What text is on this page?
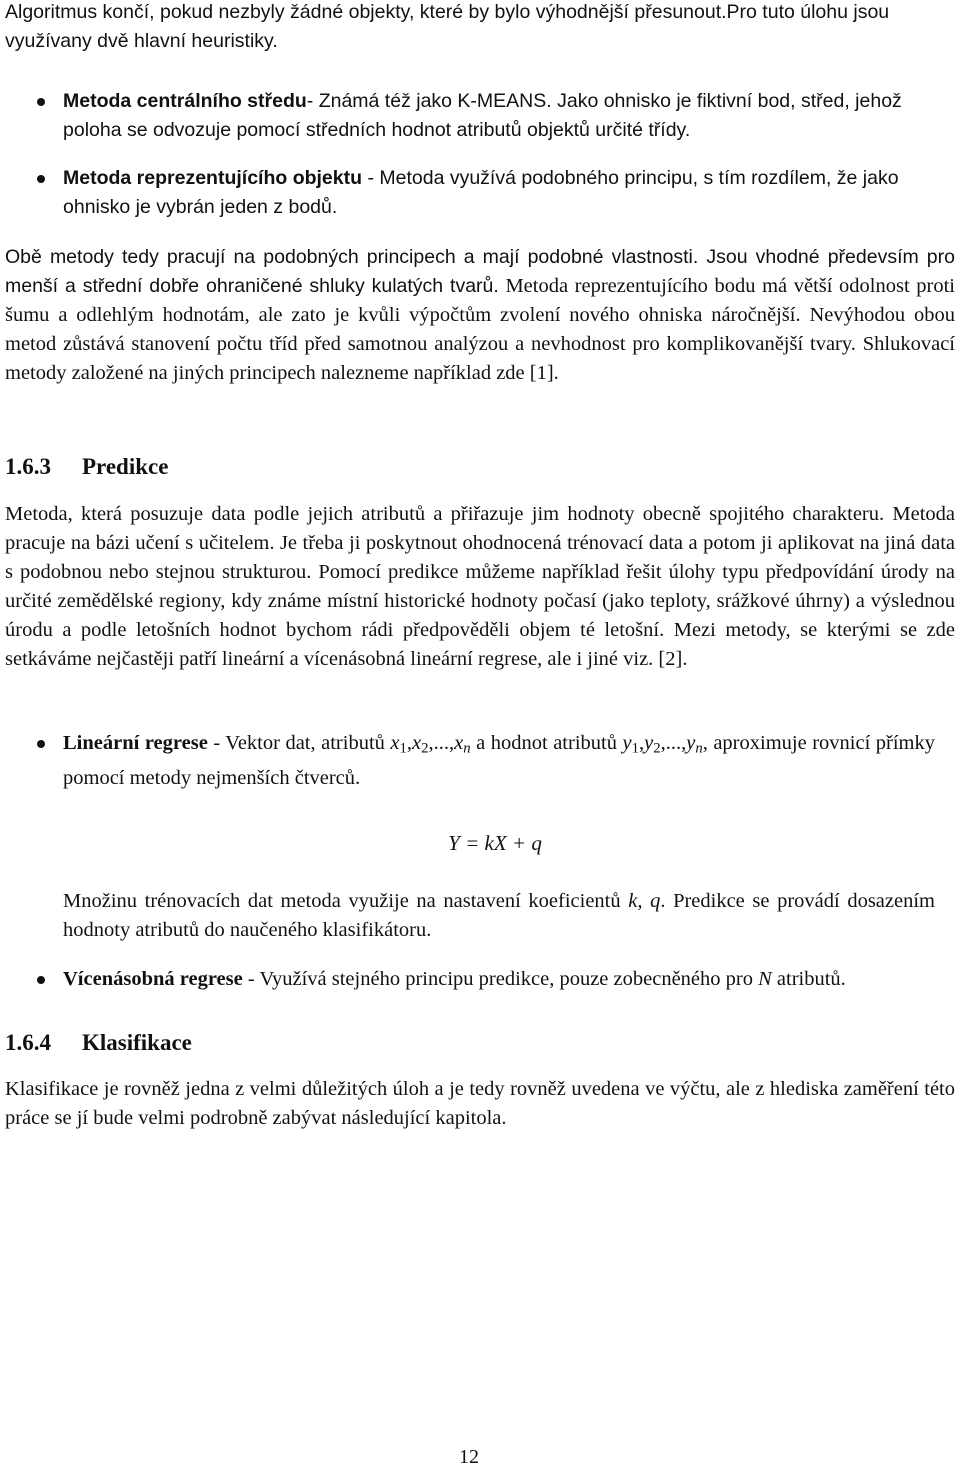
Algoritmus končí, pokud nezbyly žádné objekty, které by bylo výhodnější přesunout.Pro tuto úlohu jsou využívany dvě hlavní heuristiky.
Metoda centrálního středu- Známá též jako K-MEANS. Jako ohnisko je fiktivní bod, střed, jehož poloha se odvozuje pomocí středních hodnot atributů objektů určité třídy.
Metoda reprezentujícího objektu - Metoda využívá podobného principu, s tím rozdílem, že jako ohnisko je vybrán jeden z bodů.
Obě metody tedy pracují na podobných principech a mají podobné vlastnosti. Jsou vhodné předevsím pro menší a střední dobře ohraničené shluky kulatých tvarů. Metoda reprezentujícího bodu má větší odolnost proti šumu a odlehlým hodnotám, ale zato je kvůli výpočtům zvolení nového ohniska náročnější. Nevýhodou obou metod zůstává stanovení počtu tříd před samotnou analýzou a nevhodnost pro komplikovanější tvary. Shlukovací metody založené na jiných principech nalezneme například zde [1].
1.6.3 Predikce
Metoda, která posuzuje data podle jejich atributů a přiřazuje jim hodnoty obecně spojitého charakteru. Metoda pracuje na bázi učení s učitelem. Je třeba ji poskytnout ohodnocená trénovací data a potom ji aplikovat na jiná data s podobnou nebo stejnou strukturou. Pomocí predikce můžeme například řešit úlohy typu předpovídání úrody na určité zemědělské regiony, kdy známe místní historické hodnoty počasí (jako teploty, srážkové úhrny) a výslednou úrodu a podle letošních hodnot bychom rádi předpověděli objem té letošní. Mezi metody, se kterými se zde setkáváme nejčastěji patří lineární a vícenásobná lineární regrese, ale i jiné viz. [2].
Lineární regrese - Vektor dat, atributů $x_1,x_2,...,x_n$ a hodnot atributů $y_1,y_2,...,y_n$, aproximuje rovnicí přímky pomocí metody nejmenších čtverců.
Y = kX + q
Množinu trénovacích dat metoda využije na nastavení koeficientů k, q. Predikce se provádí dosazením hodnoty atributů do naučeného klasifikátoru.
Vícenásobná regrese - Využívá stejného principu predikce, pouze zobecněného pro N atributů.
1.6.4 Klasifikace
Klasifikace je rovněž jedna z velmi důležitých úloh a je tedy rovněž uvedena ve výčtu, ale z hlediska zaměření této práce se jí bude velmi podrobně zabývat následující kapitola.
12
